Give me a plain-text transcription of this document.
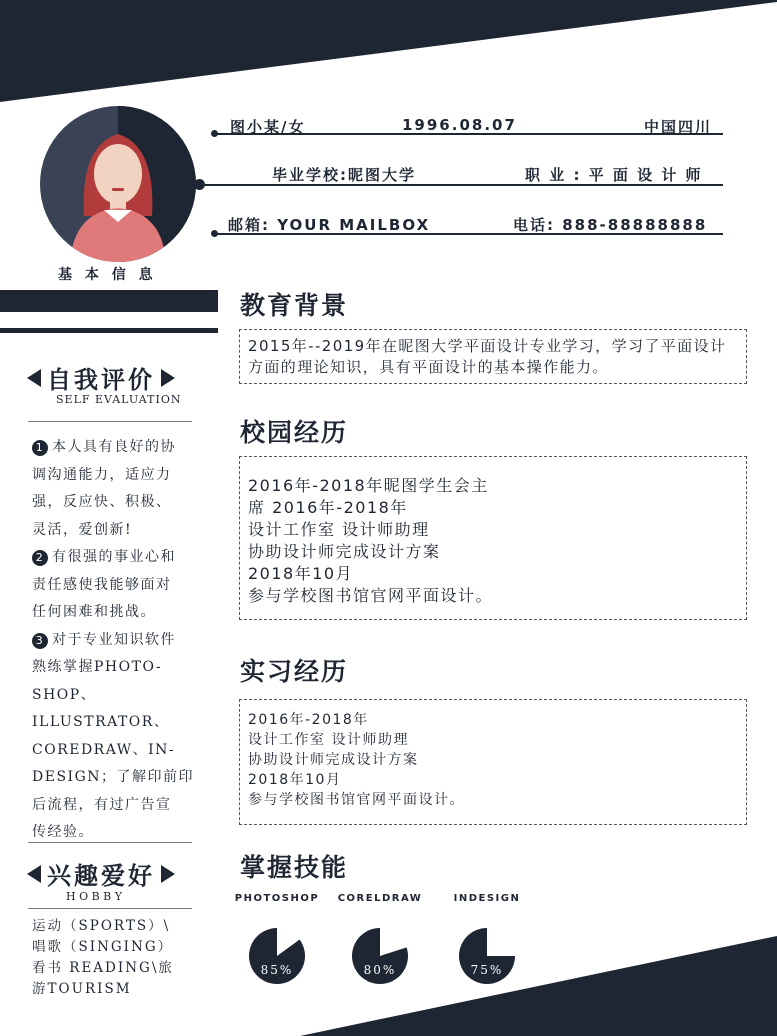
基 本 信 息
图小某/女	1996.08.07	中国四川
毕业学校:昵图大学	职 业 : 平 面 设 计 师
邮箱: YOUR MAILBOX	电话: 888-88888888
自我评价
SELF EVALUATION

1 本人具有良好的协

调沟通能力，适应力

强，反应快、积极、

灵活，爱创新!

2 有很强的事业心和

责任感使我能够面对

任何困难和挑战。

3 对于专业知识软件

熟练掌握PHOTO-

SHOP、ILLUSTRATOR、

COREDRAW、IN-

DESIGN；了解印前印

后流程，有过广告宣

传经验。

兴趣爱好
H O B B Y
运动（SPORTS）\
唱歌（SINGING）
看书 READING\旅
游TOURISM
教育背景
2015年--2019年在昵图大学平面设计专业学习，学习了平面设计方面的理论知识，具有平面设计的基本操作能力。
校园经历
2016年-2018年昵图学生会主
席 2016年-2018年
设计工作室 设计师助理
协助设计师完成设计方案
2018年10月
参与学校图书馆官网平面设计。
实习经历
2016年-2018年
设计工作室 设计师助理
协助设计师完成设计方案
2018年10月
参与学校图书馆官网平面设计。
掌握技能
PHOTOSHOP
85%
CORELDRAW
80%
INDESIGN
75%
